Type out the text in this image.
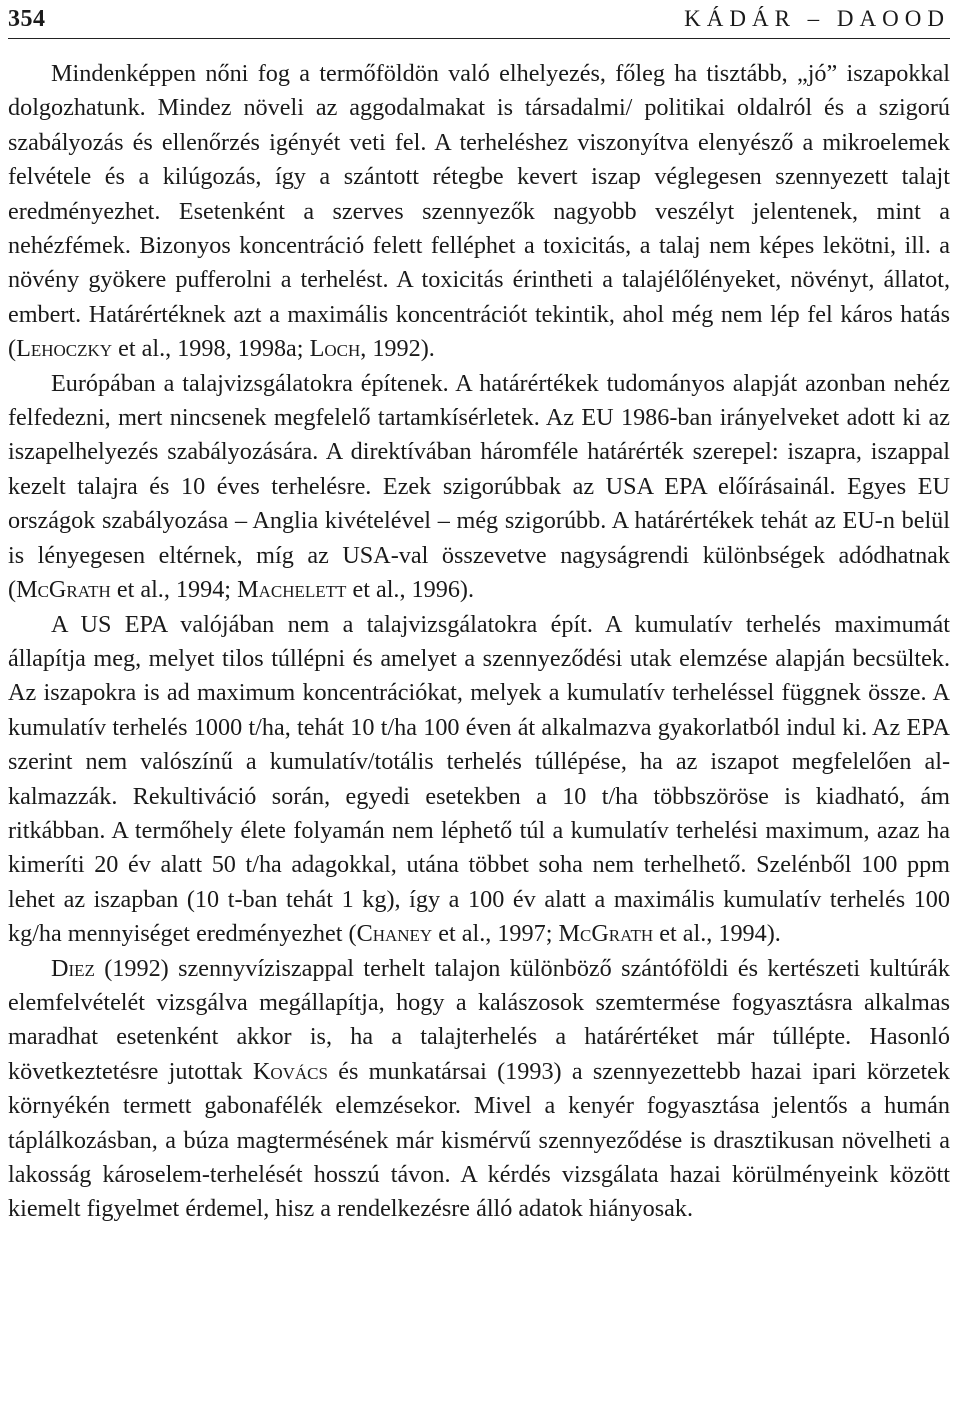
354	KÁDÁR – DAOOD

Mindenképpen nőni fog a termőföldön való elhelyezés, főleg ha tisztább, „jó” iszapokkal dolgozhatunk. Mindez növeli az aggodalmakat is társadalmi/ politikai oldalról és a szigorú szabályozás és ellenőrzés igényét veti fel. A terheléshez viszonyítva elenyésző a mikroelemek felvétele és a kilúgozás, így a szántott rétegbe kevert iszap véglegesen szennyezett talajt eredményezhet. Esetenként a szerves szennyezők nagyobb veszélyt jelentenek, mint a nehézfémek. Bizonyos koncentráció felett felléphet a toxicitás, a talaj nem képes lekötni, ill. a növény gyökere pufferolni a terhelést. A toxicitás érintheti a talajélőlényeket, növényt, állatot, embert. Határértéknek azt a maximális koncentrációt tekintik, ahol még nem lép fel káros hatás (Lehoczky et al., 1998, 1998a; Loch, 1992).

Európában a talajvizsgálatokra építenek. A határértékek tudományos alapját azonban nehéz felfedezni, mert nincsenek megfelelő tartamkísérletek. Az EU 1986-ban irányelveket adott ki az iszapelhelyezés szabályozására. A direktívában háromféle határérték szerepel: iszapra, iszappal kezelt talajra és 10 éves terhelésre. Ezek szigorúbbak az USA EPA előírásainál. Egyes EU országok szabályozása – Anglia kivételével – még szigorúbb. A határértékek tehát az EU-n belül is lényegesen eltérnek, míg az USA-val összevetve nagyságrendi különbségek adódhatnak (McGrath et al., 1994; Machelett et al., 1996).

A US EPA valójában nem a talajvizsgálatokra épít. A kumulatív terhelés maximumát állapítja meg, melyet tilos túllépni és amelyet a szennyeződési utak elemzése alapján becsültek. Az iszapokra is ad maximum koncentrációkat, melyek a kumulatív terheléssel függnek össze. A kumulatív terhelés 1000 t/ha, tehát 10 t/ha 100 éven át alkalmazva gyakorlatból indul ki. Az EPA szerint nem valószínű a kumulatív/totális terhelés túllépése, ha az iszapot megfelelően alkalmazzák. Rekultiváció során, egyedi esetekben a 10 t/ha többszöröse is kiadható, ám ritkábban. A termőhely élete folyamán nem léphető túl a kumulatív terhelési maximum, azaz ha kimeríti 20 év alatt 50 t/ha adagokkal, utána többet soha nem terhelhető. Szelénből 100 ppm lehet az iszapban (10 t-ban tehát 1 kg), így a 100 év alatt a maximális kumulatív terhelés 100 kg/ha mennyiséget eredményezhet (Chaney et al., 1997; McGrath et al., 1994).

Diez (1992) szennyvíziszappal terhelt talajon különböző szántóföldi és kertészeti kultúrák elemfelvételét vizsgálva megállapítja, hogy a kalászosok szemtermése fogyasztásra alkalmas maradhat esetenként akkor is, ha a talajterhelés a határértéket már túllépte. Hasonló következtetésre jutottak Kovács és munkatársai (1993) a szennyezettebb hazai ipari körzetek környékén termett gabonafélék elemzésekor. Mivel a kenyér fogyasztása jelentős a humán táplálkozásban, a búza magtermésének már kismérvű szennyeződése is drasztikusan növelheti a lakosság károselem-terhelését hosszú távon. A kérdés vizsgálata hazai körülményeink között kiemelt figyelmet érdemel, hisz a rendelkezésre álló adatok hiányosak.
